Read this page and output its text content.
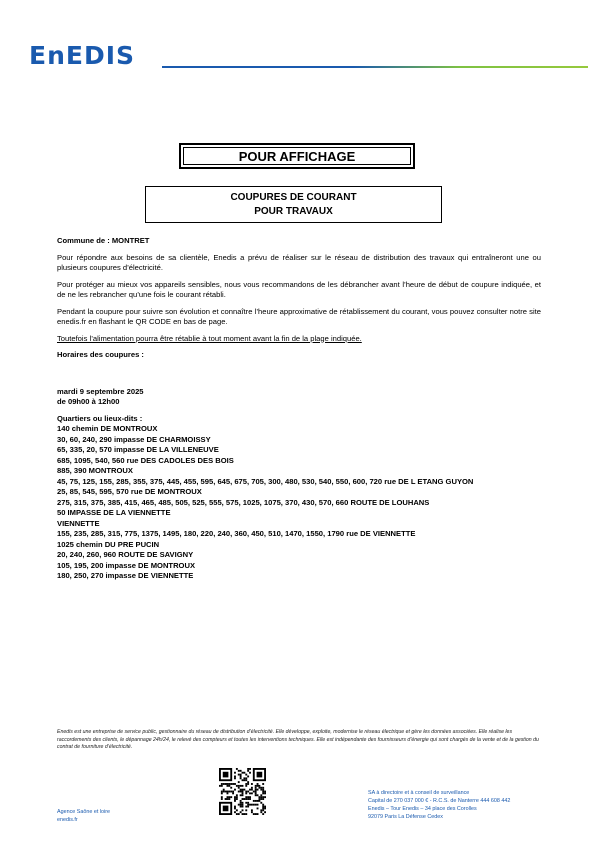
EnEDIS
POUR AFFICHAGE
COUPURES DE COURANT
POUR TRAVAUX

Commune de : MONTRET

Pour répondre aux besoins de sa clientèle, Enedis a prévu de réaliser sur le réseau de distribution des travaux qui entraîneront une ou plusieurs coupures d’électricité.

Pour protéger au mieux vos appareils sensibles, nous vous recommandons de les débrancher avant l’heure de début de coupure indiquée, et de ne les rebrancher qu’une fois le courant rétabli.

Pendant la coupure pour suivre son évolution et connaître l’heure approximative de rétablissement du courant, vous pouvez consulter notre site enedis.fr en flashant le QR CODE en bas de page.

Toutefois l’alimentation pourra être rétablie à tout moment avant la fin de la plage indiquée.

Horaires des coupures :

mardi 9 septembre 2025

de 09h00 à 12h00

Quartiers ou lieux-dits :

140 chemin DE MONTROUX

30, 60, 240, 290 impasse DE CHARMOISSY

65, 335, 20, 570 impasse DE LA VILLENEUVE

685, 1095, 540, 560 rue DES CADOLES DES BOIS

885, 390 MONTROUX

45, 75, 125, 155, 285, 355, 375, 445, 455, 595, 645, 675, 705, 300, 480, 530, 540, 550, 600, 720 rue DE L ETANG GUYON

25, 85, 545, 595, 570 rue DE MONTROUX

275, 315, 375, 385, 415, 465, 485, 505, 525, 555, 575, 1025, 1075, 370, 430, 570, 660 ROUTE DE LOUHANS

50 IMPASSE DE LA VIENNETTE

VIENNETTE

155, 235, 285, 315, 775, 1375, 1495, 180, 220, 240, 360, 450, 510, 1470, 1550, 1790 rue DE VIENNETTE

1025 chemin DU PRE PUCIN

20, 240, 260, 960 ROUTE DE SAVIGNY

105, 195, 200 impasse DE MONTROUX

180, 250, 270 impasse DE VIENNETTE

Enedis est une entreprise de service public, gestionnaire du réseau de distribution d’électricité. Elle développe, exploite, modernise le réseau électrique et gère les données associées. Elle réalise les raccordements des clients, le dépannage 24h/24, le relevé des compteurs et toutes les interventions techniques. Elle est indépendante des fournisseurs d’énergie qui sont chargés de la vente et de la gestion du contrat de fourniture d’électricité.
Agence Saône et loire
enedis.fr
SA à directoire et à conseil de surveillance
Capital de 270 037 000 € - R.C.S. de Nanterre 444 608 442
Enedis – Tour Enedis – 34 place des Corolles
92079 Paris La Défense Cedex
